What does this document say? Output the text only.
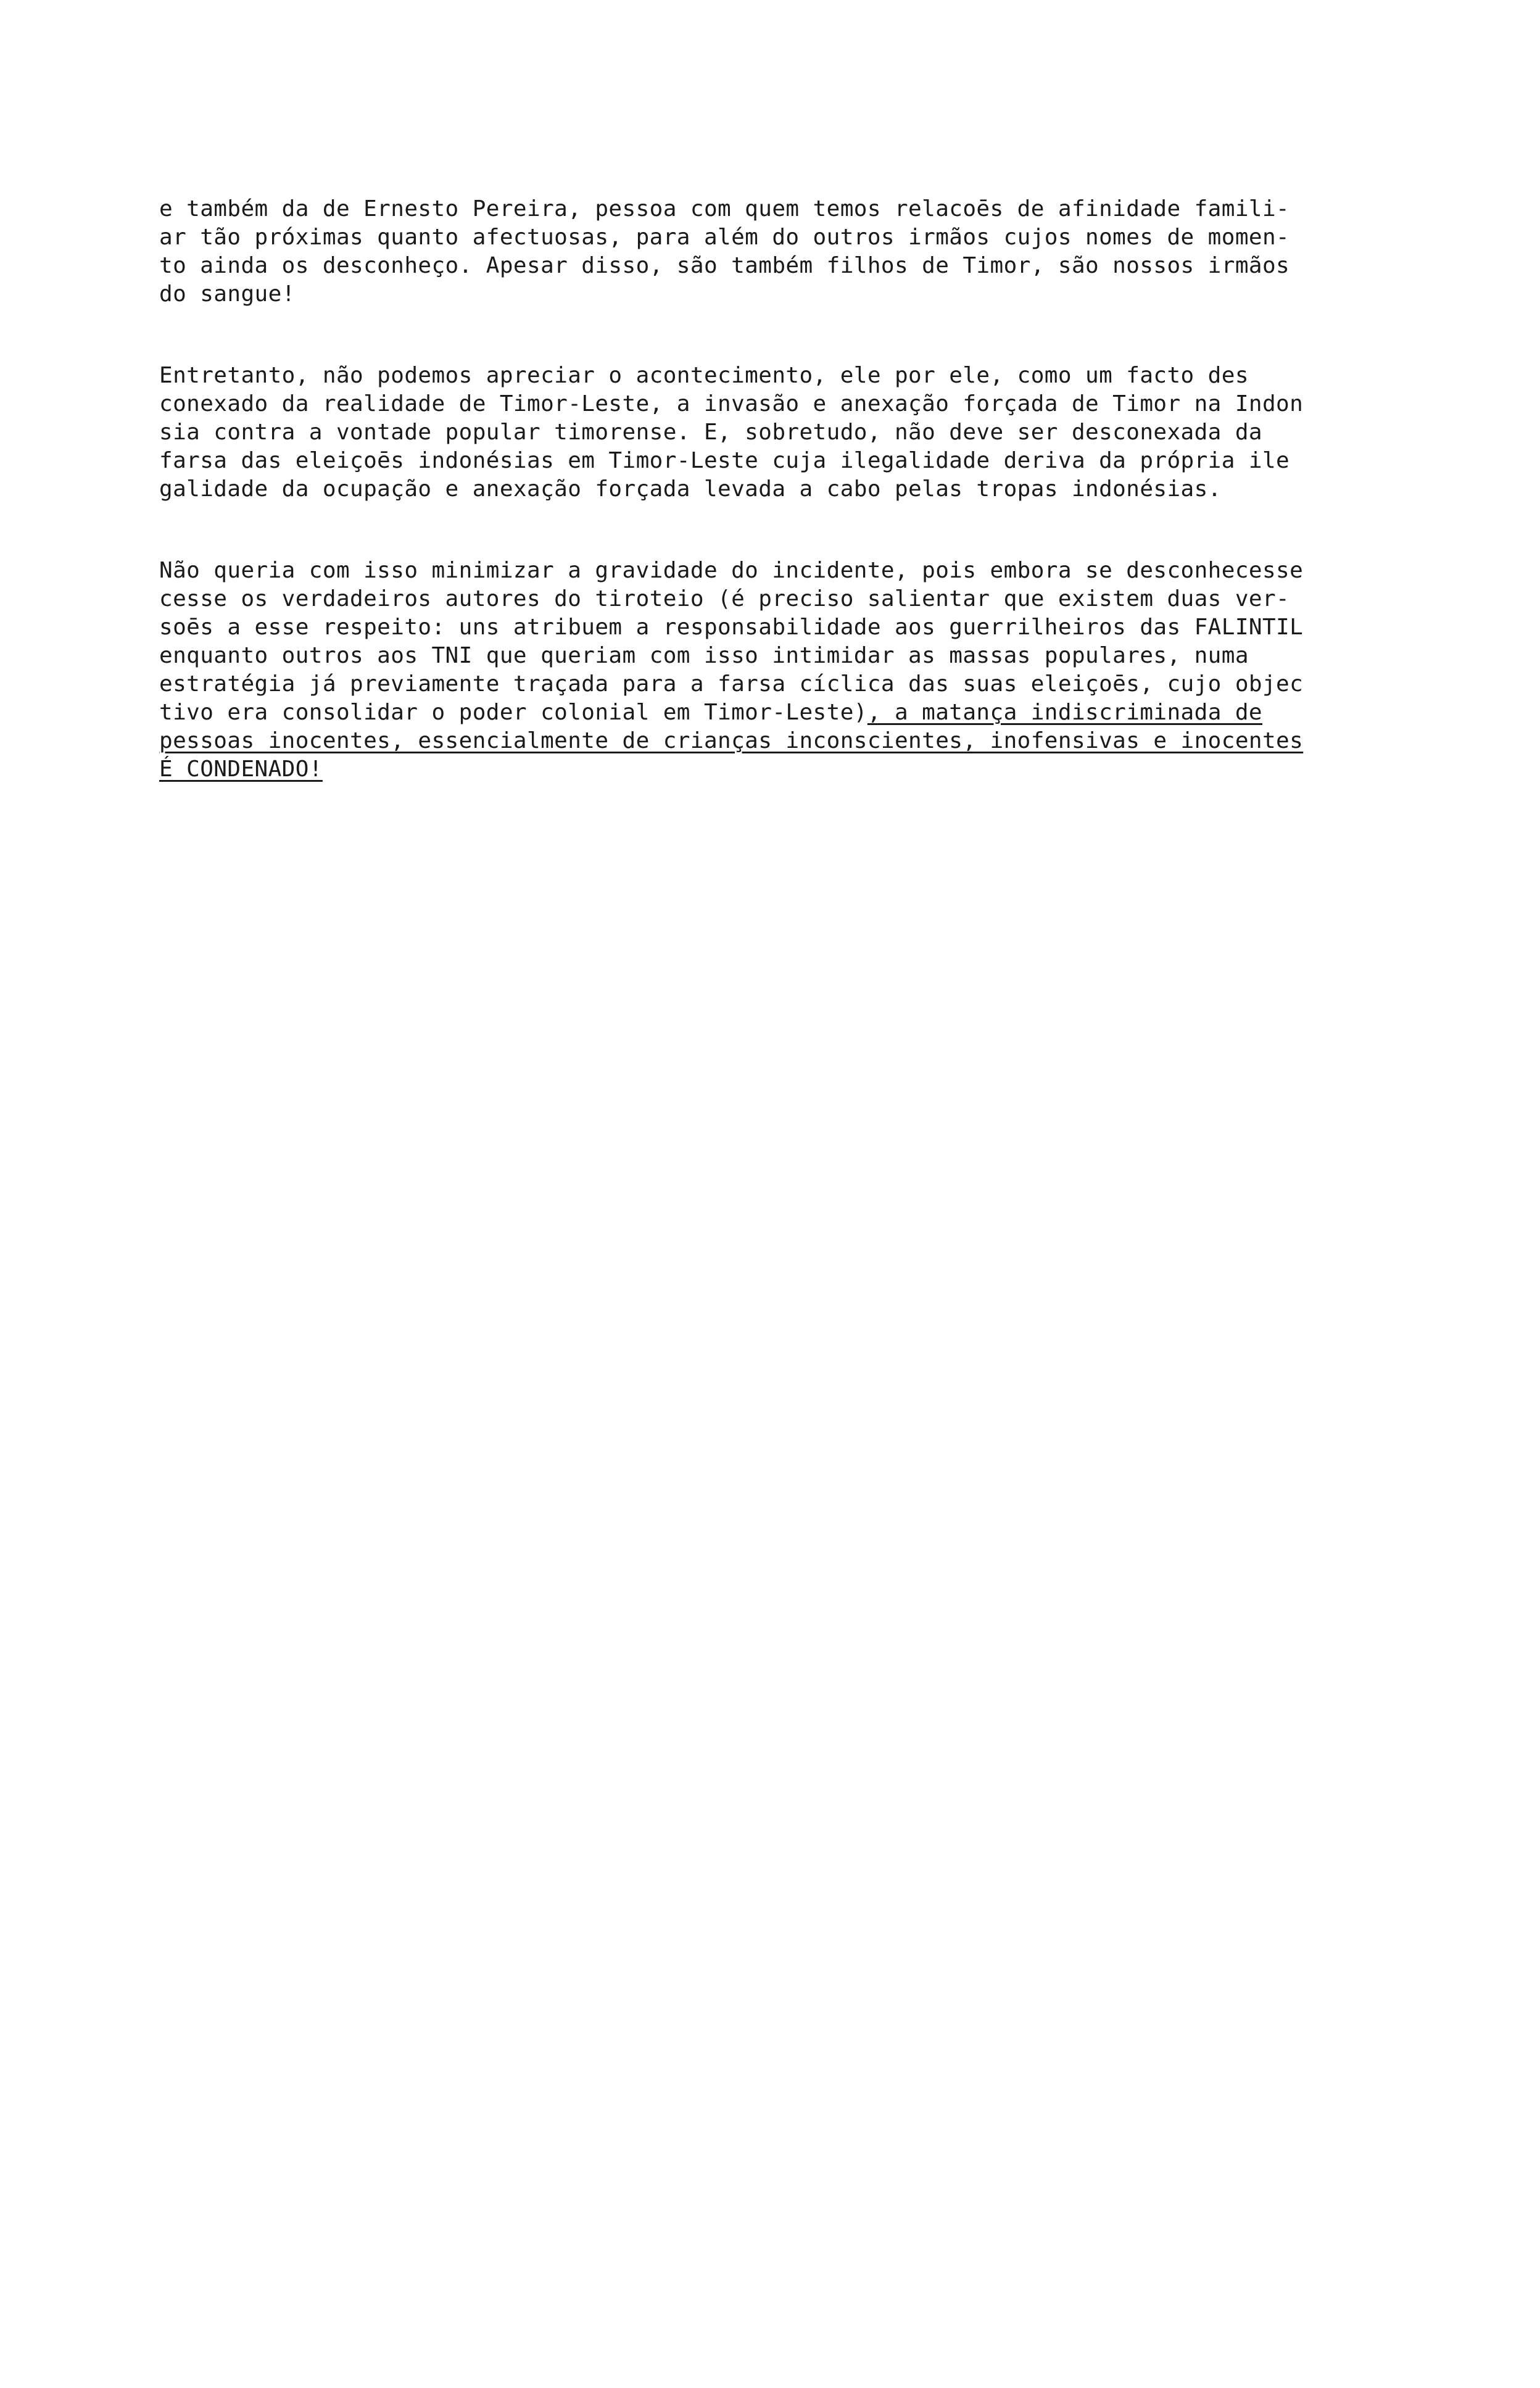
e também da de Ernesto Pereira, pessoa com quem temos relacoēs de afinidade famili-
ar tão próximas quanto afectuosas, para além do outros irmãos cujos nomes de momen-
to ainda os desconheço. Apesar disso, são também filhos de Timor, são nossos irmãos
do sangue!
Entretanto, não podemos apreciar o acontecimento, ele por ele, como um facto des
conexado da realidade de Timor-Leste, a invasão e anexação forçada de Timor na Indon
sia contra a vontade popular timorense. E, sobretudo, não deve ser desconexada da
farsa das eleiçoēs indonésias em Timor-Leste cuja ilegalidade deriva da própria ile
galidade da ocupação e anexação forçada levada a cabo pelas tropas indonésias.
Não queria com isso minimizar a gravidade do incidente, pois embora se desconhecesse
cesse os verdadeiros autores do tiroteio (é preciso salientar que existem duas ver-
soēs a esse respeito: uns atribuem a responsabilidade aos guerrilheiros das FALINTIL
enquanto outros aos TNI que queriam com isso intimidar as massas populares, numa
estratégia já previamente traçada para a farsa cíclica das suas eleiçoēs, cujo objec
tivo era consolidar o poder colonial em Timor-Leste), a matança indiscriminada de
pessoas inocentes, essencialmente de crianças inconscientes, inofensivas e inocentes
É CONDENADO!
